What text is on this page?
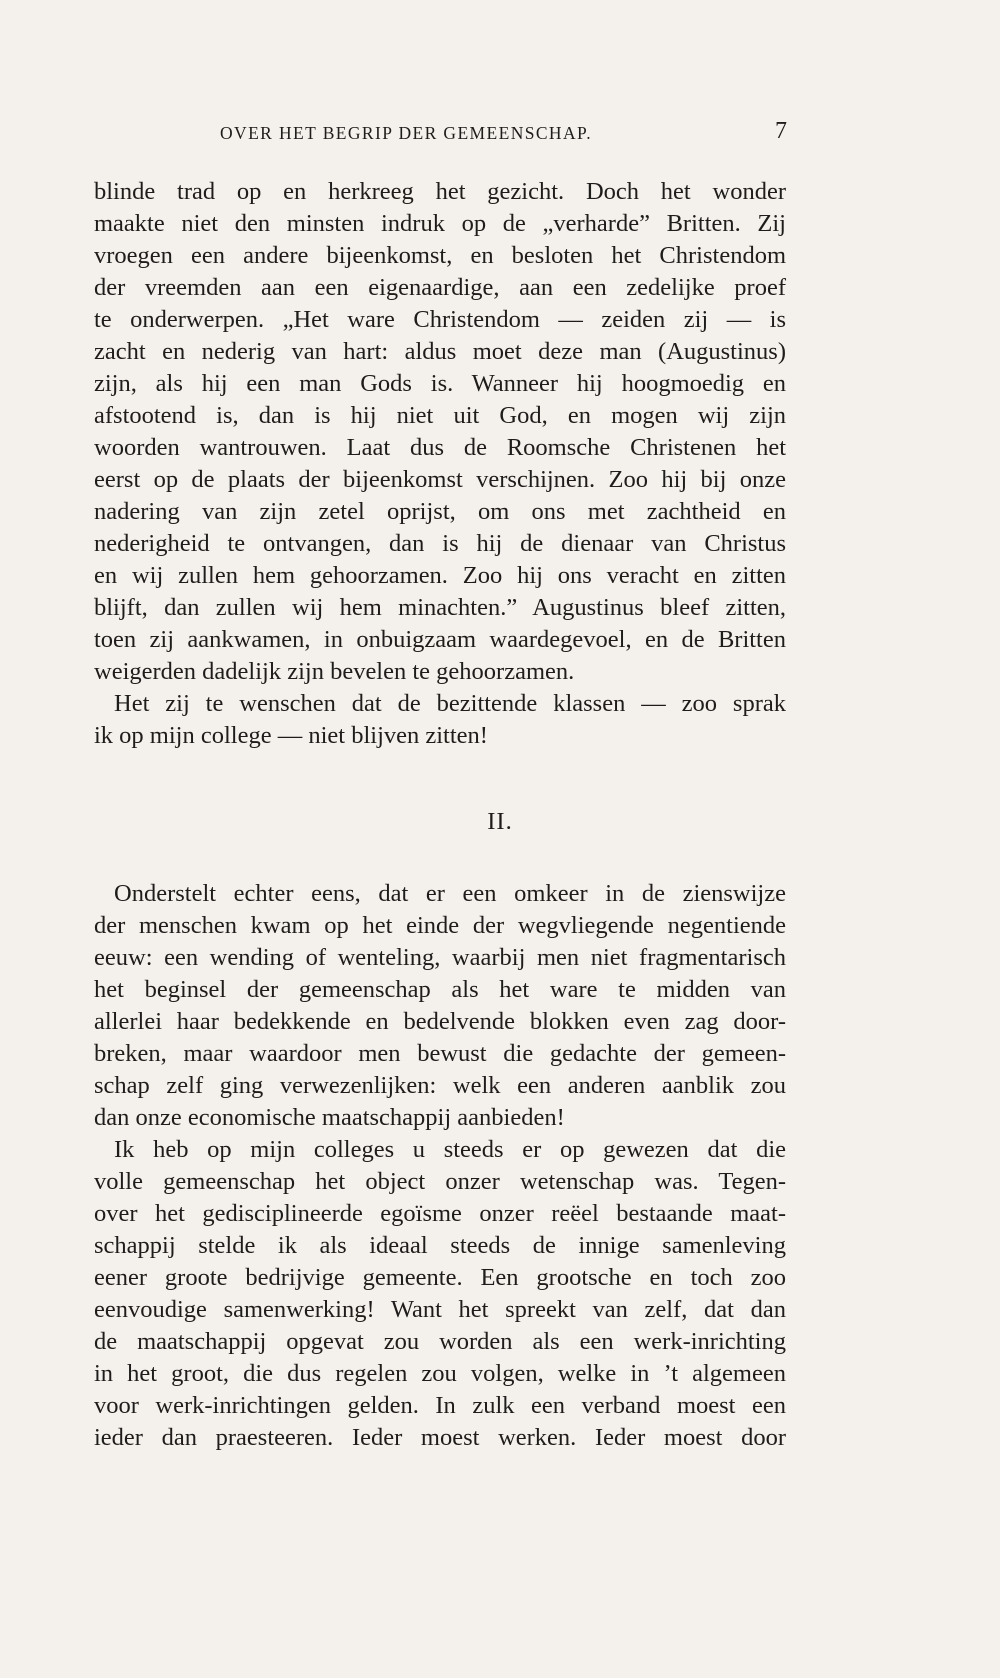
OVER HET BEGRIP DER GEMEENSCHAP.	7
blinde trad op en herkreeg het gezicht. Doch het wonder
maakte niet den minsten indruk op de „verharde” Britten. Zij
vroegen een andere bijeenkomst, en besloten het Christendom
der vreemden aan een eigenaardige, aan een zedelijke proef
te onderwerpen. „Het ware Christendom — zeiden zij — is
zacht en nederig van hart: aldus moet deze man (Augustinus)
zijn, als hij een man Gods is. Wanneer hij hoogmoedig en
afstootend is, dan is hij niet uit God, en mogen wij zijn
woorden wantrouwen. Laat dus de Roomsche Christenen het
eerst op de plaats der bijeenkomst verschijnen. Zoo hij bij onze
nadering van zijn zetel oprijst, om ons met zachtheid en
nederigheid te ontvangen, dan is hij de dienaar van Christus
en wij zullen hem gehoorzamen. Zoo hij ons veracht en zitten
blijft, dan zullen wij hem minachten.” Augustinus bleef zitten,
toen zij aankwamen, in onbuigzaam waardegevoel, en de Britten
weigerden dadelijk zijn bevelen te gehoorzamen.
Het zij te wenschen dat de bezittende klassen — zoo sprak
ik op mijn college — niet blijven zitten!
II.
Onderstelt echter eens, dat er een omkeer in de zienswijze
der menschen kwam op het einde der wegvliegende negentiende
eeuw: een wending of wenteling, waarbij men niet fragmentarisch
het beginsel der gemeenschap als het ware te midden van
allerlei haar bedekkende en bedelvende blokken even zag door-
breken, maar waardoor men bewust die gedachte der gemeen-
schap zelf ging verwezenlijken: welk een anderen aanblik zou
dan onze economische maatschappij aanbieden!
Ik heb op mijn colleges u steeds er op gewezen dat die
volle gemeenschap het object onzer wetenschap was. Tegen-
over het gedisciplineerde egoïsme onzer reëel bestaande maat-
schappij stelde ik als ideaal steeds de innige samenleving
eener groote bedrijvige gemeente. Een grootsche en toch zoo
eenvoudige samenwerking! Want het spreekt van zelf, dat dan
de maatschappij opgevat zou worden als een werk-inrichting
in het groot, die dus regelen zou volgen, welke in ’t algemeen
voor werk-inrichtingen gelden. In zulk een verband moest een
ieder dan praesteeren. Ieder moest werken. Ieder moest door
